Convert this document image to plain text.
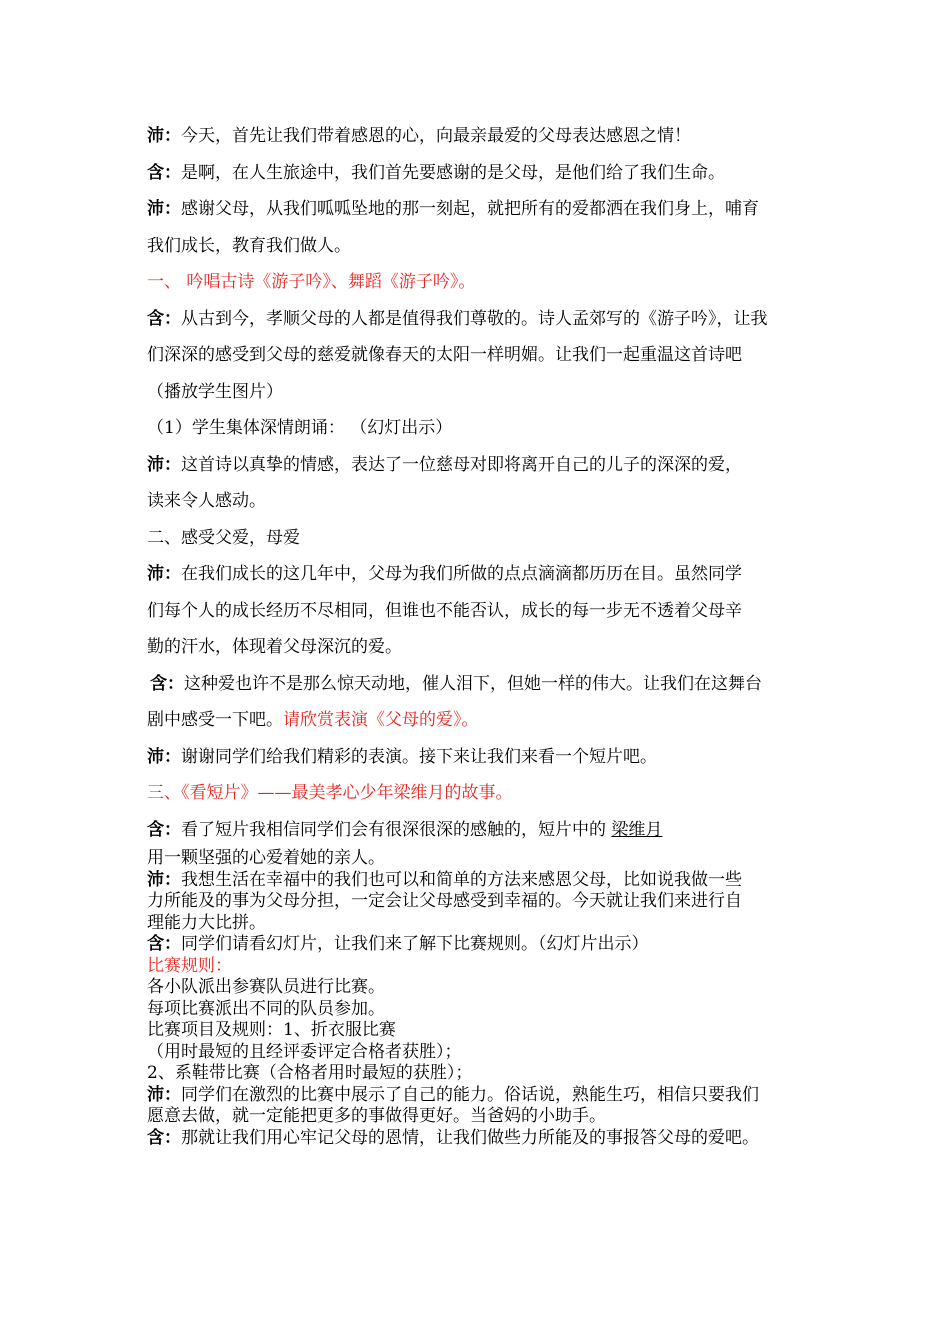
沛：今天，首先让我们带着感恩的心，向最亲最爱的父母表达感恩之情！

含：是啊，在人生旅途中，我们首先要感谢的是父母，是他们给了我们生命。

沛：感谢父母，从我们呱呱坠地的那一刻起，就把所有的爱都洒在我们身上，哺育

我们成长，教育我们做人。

一、 吟唱古诗《游子吟》、舞蹈《游子吟》。

含：从古到今，孝顺父母的人都是值得我们尊敬的。诗人孟郊写的《游子吟》，让我

们深深的感受到父母的慈爱就像春天的太阳一样明媚。让我们一起重温这首诗吧

（播放学生图片）

（1）学生集体深情朗诵： （幻灯出示）

沛：这首诗以真挚的情感，表达了一位慈母对即将离开自己的儿子的深深的爱，

读来令人感动。

二、感受父爱，母爱

沛：在我们成长的这几年中，父母为我们所做的点点滴滴都历历在目。虽然同学

们每个人的成长经历不尽相同，但谁也不能否认，成长的每一步无不透着父母辛

勤的汗水，体现着父母深沉的爱。

含：这种爱也许不是那么惊天动地，催人泪下，但她一样的伟大。让我们在这舞台

剧中感受一下吧。请欣赏表演《父母的爱》。

沛：谢谢同学们给我们精彩的表演。接下来让我们来看一个短片吧。

三、《看短片》——最美孝心少年梁维月的故事。

含：看了短片我相信同学们会有很深很深的感触的，短片中的 梁维月

用一颗坚强的心爱着她的亲人。

沛：我想生活在幸福中的我们也可以和简单的方法来感恩父母，比如说我做一些

力所能及的事为父母分担，一定会让父母感受到幸福的。今天就让我们来进行自

理能力大比拼。

含：同学们请看幻灯片，让我们来了解下比赛规则。（幻灯片出示）

比赛规则：

各小队派出参赛队员进行比赛。

每项比赛派出不同的队员参加。

比赛项目及规则：1、折衣服比赛

（用时最短的且经评委评定合格者获胜）；

2、系鞋带比赛（合格者用时最短的获胜）；

沛：同学们在激烈的比赛中展示了自己的能力。俗话说，熟能生巧，相信只要我们

愿意去做，就一定能把更多的事做得更好。当爸妈的小助手。

含：那就让我们用心牢记父母的恩情，让我们做些力所能及的事报答父母的爱吧。
